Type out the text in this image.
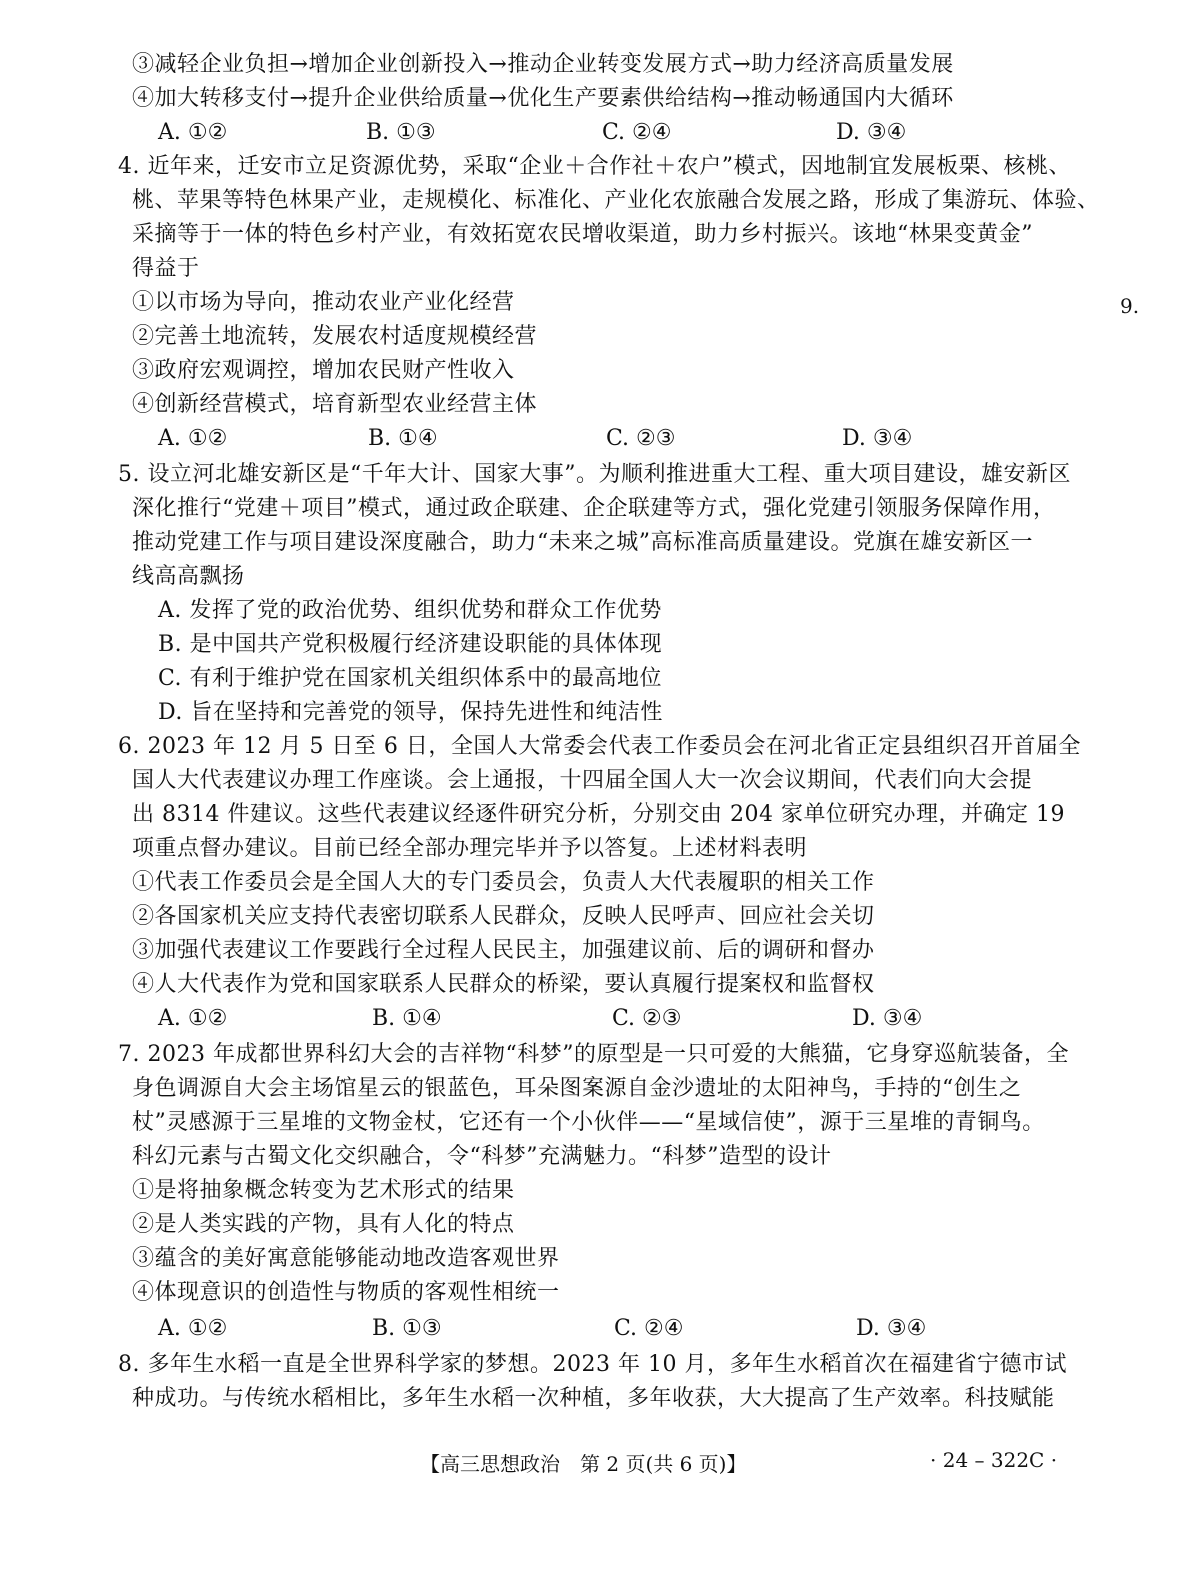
③减轻企业负担→增加企业创新投入→推动企业转变发展方式→助力经济高质量发展
④加大转移支付→提升企业供给质量→优化生产要素供给结构→推动畅通国内大循环
A. ①②	B. ①③	C. ②④	D. ③④
4. 近年来，迁安市立足资源优势，采取“企业＋合作社＋农户”模式，因地制宜发展板栗、核桃、
桃、苹果等特色林果产业，走规模化、标准化、产业化农旅融合发展之路，形成了集游玩、体验、
采摘等于一体的特色乡村产业，有效拓宽农民增收渠道，助力乡村振兴。该地“林果变黄金”
得益于
①以市场为导向，推动农业产业化经营
②完善土地流转，发展农村适度规模经营
③政府宏观调控，增加农民财产性收入
④创新经营模式，培育新型农业经营主体
A. ①②	B. ①④	C. ②③	D. ③④
5. 设立河北雄安新区是“千年大计、国家大事”。为顺利推进重大工程、重大项目建设，雄安新区
深化推行“党建＋项目”模式，通过政企联建、企企联建等方式，强化党建引领服务保障作用，
推动党建工作与项目建设深度融合，助力“未来之城”高标准高质量建设。党旗在雄安新区一
线高高飘扬
A. 发挥了党的政治优势、组织优势和群众工作优势
B. 是中国共产党积极履行经济建设职能的具体体现
C. 有利于维护党在国家机关组织体系中的最高地位
D. 旨在坚持和完善党的领导，保持先进性和纯洁性
6. 2023 年 12 月 5 日至 6 日，全国人大常委会代表工作委员会在河北省正定县组织召开首届全
国人大代表建议办理工作座谈。会上通报，十四届全国人大一次会议期间，代表们向大会提
出 8314 件建议。这些代表建议经逐件研究分析，分别交由 204 家单位研究办理，并确定 19
项重点督办建议。目前已经全部办理完毕并予以答复。上述材料表明
①代表工作委员会是全国人大的专门委员会，负责人大代表履职的相关工作
②各国家机关应支持代表密切联系人民群众，反映人民呼声、回应社会关切
③加强代表建议工作要践行全过程人民民主，加强建议前、后的调研和督办
④人大代表作为党和国家联系人民群众的桥梁，要认真履行提案权和监督权
A. ①②	B. ①④	C. ②③	D. ③④
7. 2023 年成都世界科幻大会的吉祥物“科梦”的原型是一只可爱的大熊猫，它身穿巡航装备，全
身色调源自大会主场馆星云的银蓝色，耳朵图案源自金沙遗址的太阳神鸟，手持的“创生之
杖”灵感源于三星堆的文物金杖，它还有一个小伙伴——“星域信使”，源于三星堆的青铜鸟。
科幻元素与古蜀文化交织融合，令“科梦”充满魅力。“科梦”造型的设计
①是将抽象概念转变为艺术形式的结果
②是人类实践的产物，具有人化的特点
③蕴含的美好寓意能够能动地改造客观世界
④体现意识的创造性与物质的客观性相统一
A. ①②	B. ①③	C. ②④	D. ③④
8. 多年生水稻一直是全世界科学家的梦想。2023 年 10 月，多年生水稻首次在福建省宁德市试
种成功。与传统水稻相比，多年生水稻一次种植，多年收获，大大提高了生产效率。科技赋能
9.
【高三思想政治　第 2 页(共 6 页)】	· 24 – 322C ·
